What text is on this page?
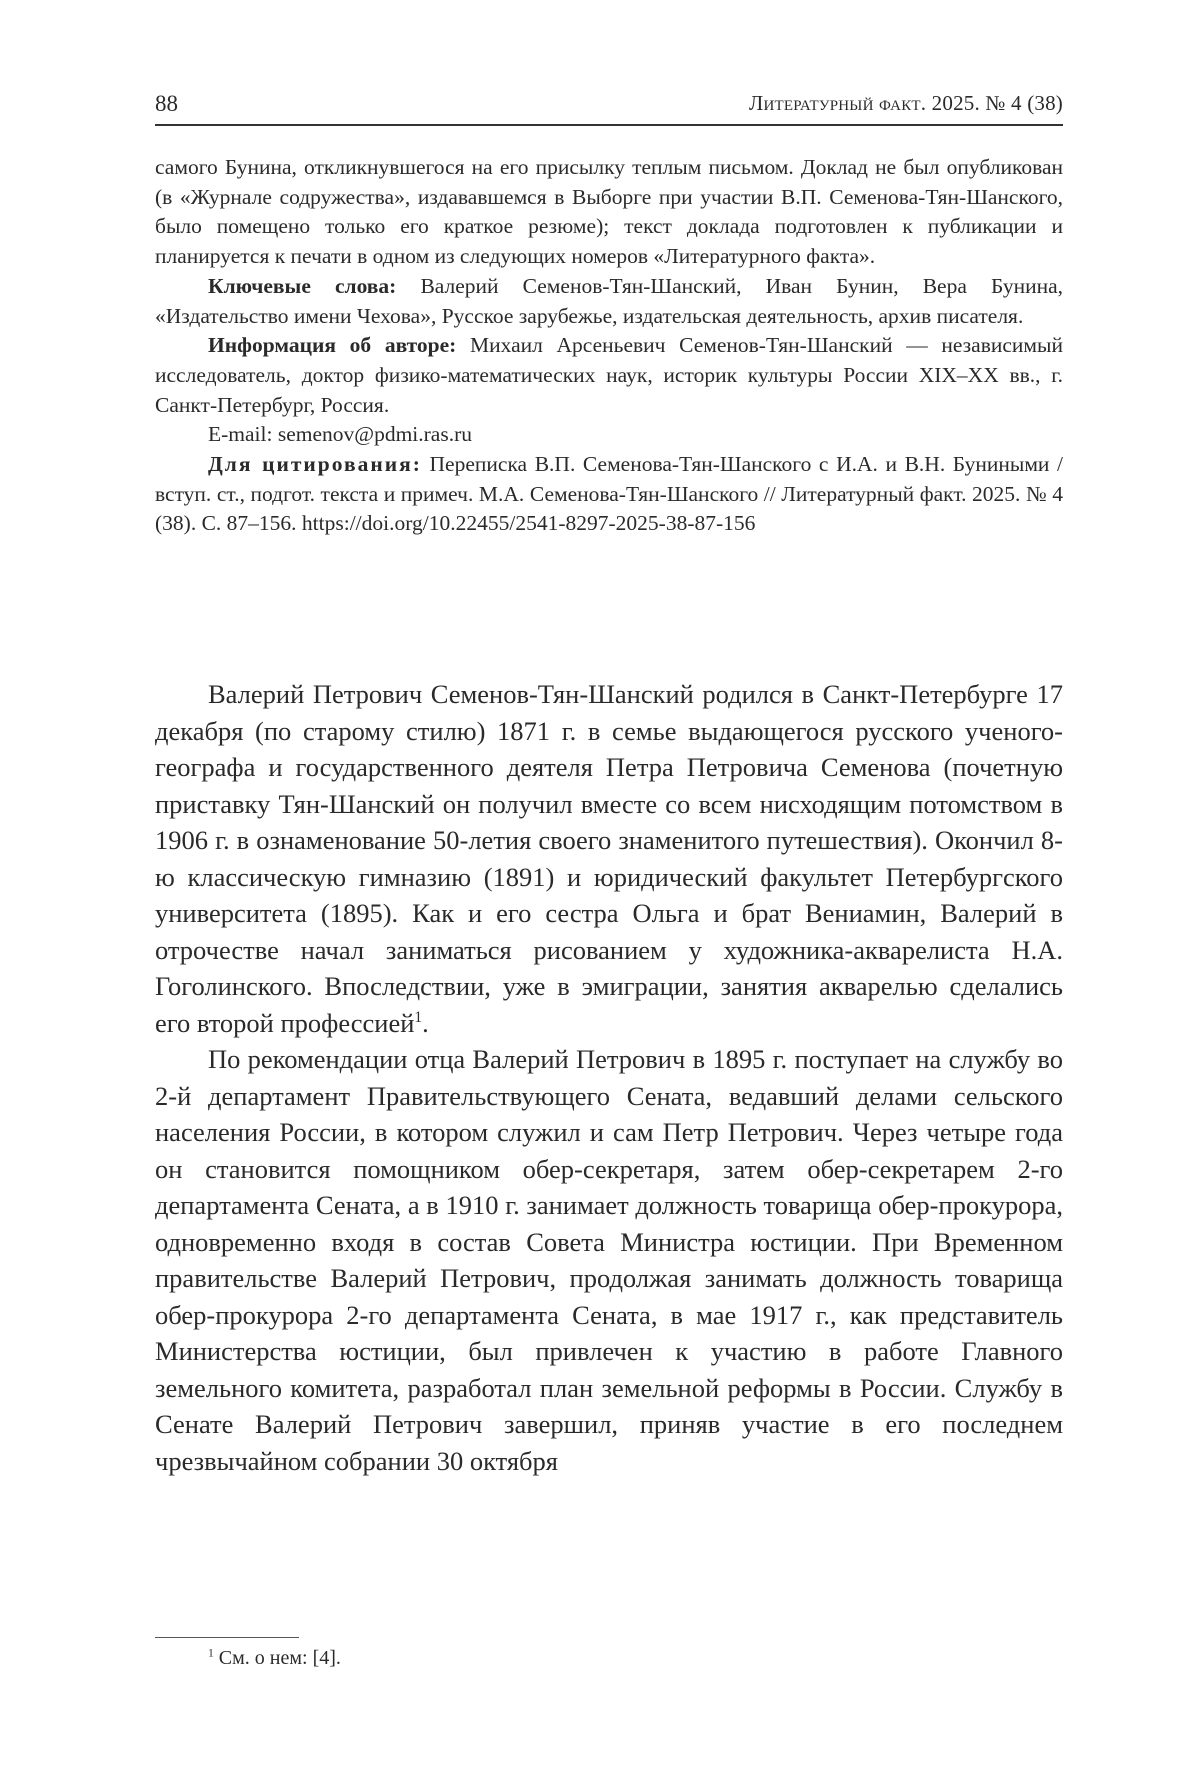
88	Литературный факт. 2025. № 4 (38)

самого Бунина, откликнувшегося на его присылку теплым письмом. Доклад не был опубликован (в «Журнале содружества», издававшемся в Выборге при участии В.П. Семенова-Тян-Шанского, было помещено только его краткое резюме); текст доклада подготовлен к публикации и планируется к печати в одном из следующих номеров «Литературного факта».

Ключевые слова: Валерий Семенов-Тян-Шанский, Иван Бунин, Вера Бунина, «Издательство имени Чехова», Русское зарубежье, издательская деятельность, архив писателя.

Информация об авторе: Михаил Арсеньевич Семенов-Тян-Шанский — независимый исследователь, доктор физико-математических наук, историк культуры России XIX–XX вв., г. Санкт-Петербург, Россия.

E-mail: semenov@pdmi.ras.ru

Для цитирования: Переписка В.П. Семенова-Тян-Шанского с И.А. и В.Н. Буниными / вступ. ст., подгот. текста и примеч. М.А. Семенова-Тян-Шанского // Литературный факт. 2025. № 4 (38). С. 87–156. https://doi.org/10.22455/2541-8297-2025-38-87-156

Валерий Петрович Семенов-Тян-Шанский родился в Санкт-Петербурге 17 декабря (по старому стилю) 1871 г. в семье выдающегося русского ученого-географа и государственного деятеля Петра Петровича Семенова (почетную приставку Тян-Шанский он получил вместе со всем нисходящим потомством в 1906 г. в ознаменование 50-летия своего знаменитого путешествия). Окончил 8-ю классическую гимназию (1891) и юридический факультет Петербургского университета (1895). Как и его сестра Ольга и брат Вениамин, Валерий в отрочестве начал заниматься рисованием у художника-акварелиста Н.А. Гоголинского. Впоследствии, уже в эмиграции, занятия акварелью сделались его второй профессией$^1$.

По рекомендации отца Валерий Петрович в 1895 г. поступает на службу во 2-й департамент Правительствующего Сената, ведавший делами сельского населения России, в котором служил и сам Петр Петрович. Через четыре года он становится помощником обер-секретаря, затем обер-секретарем 2-го департамента Сената, а в 1910 г. занимает должность товарища обер-прокурора, одновременно входя в состав Совета Министра юстиции. При Временном правительстве Валерий Петрович, продолжая занимать должность товарища обер-прокурора 2-го департамента Сената, в мае 1917 г., как представитель Министерства юстиции, был привлечен к участию в работе Главного земельного комитета, разработал план земельной реформы в России. Службу в Сенате Валерий Петрович завершил, приняв участие в его последнем чрезвычайном собрании 30 октября

$^1$ См. о нем: [4].
